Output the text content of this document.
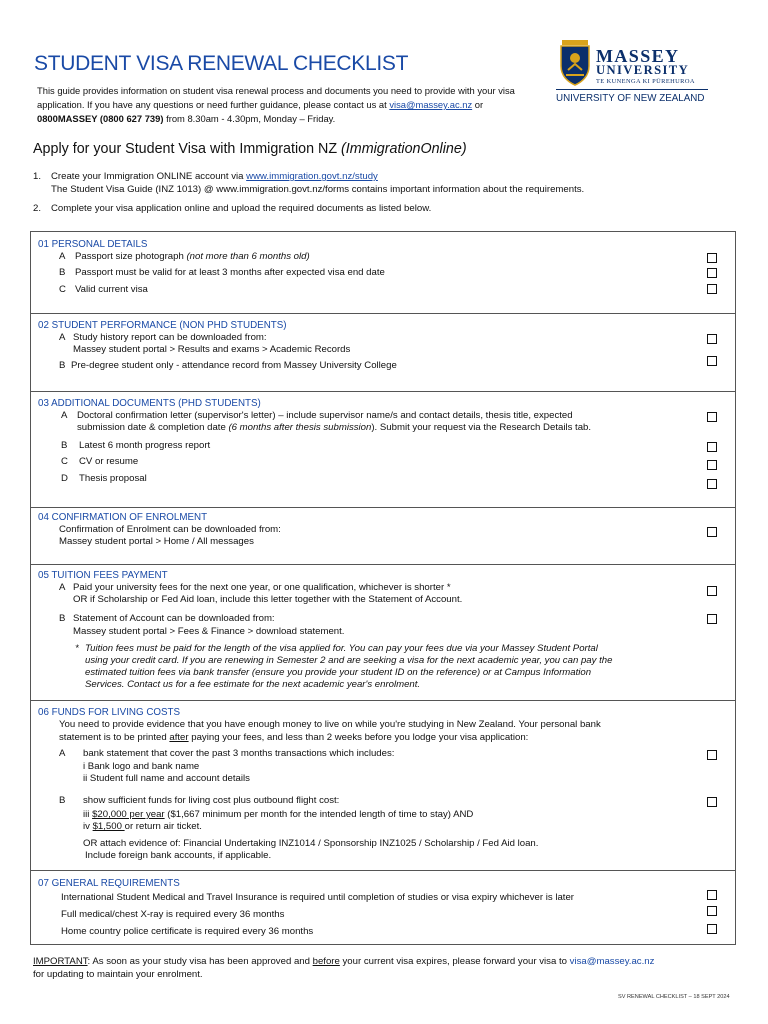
STUDENT VISA RENEWAL CHECKLIST
This guide provides information on student visa renewal process and documents you need to provide with your visa application. If you have any questions or need further guidance, please contact us at visa@massey.ac.nz or
0800MASSEY (0800 627 739) from 8.30am - 4.30pm, Monday – Friday.
MASSEY
UNIVERSITY
TE KUNENGA KI PŪREHUROA
UNIVERSITY OF NEW ZEALAND
Apply for your Student Visa with Immigration NZ (ImmigrationOnline)
1. Create your Immigration ONLINE account via www.immigration.govt.nz/study
The Student Visa Guide (INZ 1013) @ www.immigration.govt.nz/forms contains important information about the requirements.
2. Complete your visa application online and upload the required documents as listed below.
01 PERSONAL DETAILS
A Passport size photograph (not more than 6 months old)
B Passport must be valid for at least 3 months after expected visa end date
C Valid current visa
02 STUDENT PERFORMANCE (NON PHD STUDENTS)
A Study history report can be downloaded from:
Massey student portal > Results and exams > Academic Records
B Pre-degree student only - attendance record from Massey University College
03 ADDITIONAL DOCUMENTS (PHD STUDENTS)
A Doctoral confirmation letter (supervisor's letter) – include supervisor name/s and contact details, thesis title, expected
submission date & completion date (6 months after thesis submission). Submit your request via the Research Details tab.
B Latest 6 month progress report
C CV or resume
D Thesis proposal
04 CONFIRMATION OF ENROLMENT
Confirmation of Enrolment can be downloaded from:
Massey student portal > Home / All messages
05 TUITION FEES PAYMENT
A Paid your university fees for the next one year, or one qualification, whichever is shorter *
OR if Scholarship or Fed Aid loan, include this letter together with the Statement of Account.
B Statement of Account can be downloaded from:
Massey student portal > Fees & Finance > download statement.
* Tuition fees must be paid for the length of the visa applied for. You can pay your fees due via your Massey Student Portal
using your credit card. If you are renewing in Semester 2 and are seeking a visa for the next academic year, you can pay the
estimated tuition fees via bank transfer (ensure you provide your student ID on the reference) or at Campus Information
Services. Contact us for a fee estimate for the next academic year's enrolment.
06 FUNDS FOR LIVING COSTS
You need to provide evidence that you have enough money to live on while you're studying in New Zealand. Your personal bank
statement is to be printed after paying your fees, and less than 2 weeks before you lodge your visa application:
A bank statement that cover the past 3 months transactions which includes:
i Bank logo and bank name
ii Student full name and account details
B show sufficient funds for living cost plus outbound flight cost:
iii $20,000 per year ($1,667 minimum per month for the intended length of time to stay) AND
iv $1,500 or return air ticket.
OR attach evidence of: Financial Undertaking INZ1014 / Sponsorship INZ1025 / Scholarship / Fed Aid loan.
Include foreign bank accounts, if applicable.
07 GENERAL REQUIREMENTS
International Student Medical and Travel Insurance is required until completion of studies or visa expiry whichever is later
Full medical/chest X-ray is required every 36 months
Home country police certificate is required every 36 months
IMPORTANT: As soon as your study visa has been approved and before your current visa expires, please forward your visa to visa@massey.ac.nz
for updating to maintain your enrolment.
SV RENEWAL CHECKLIST – 18 SEPT 2024
